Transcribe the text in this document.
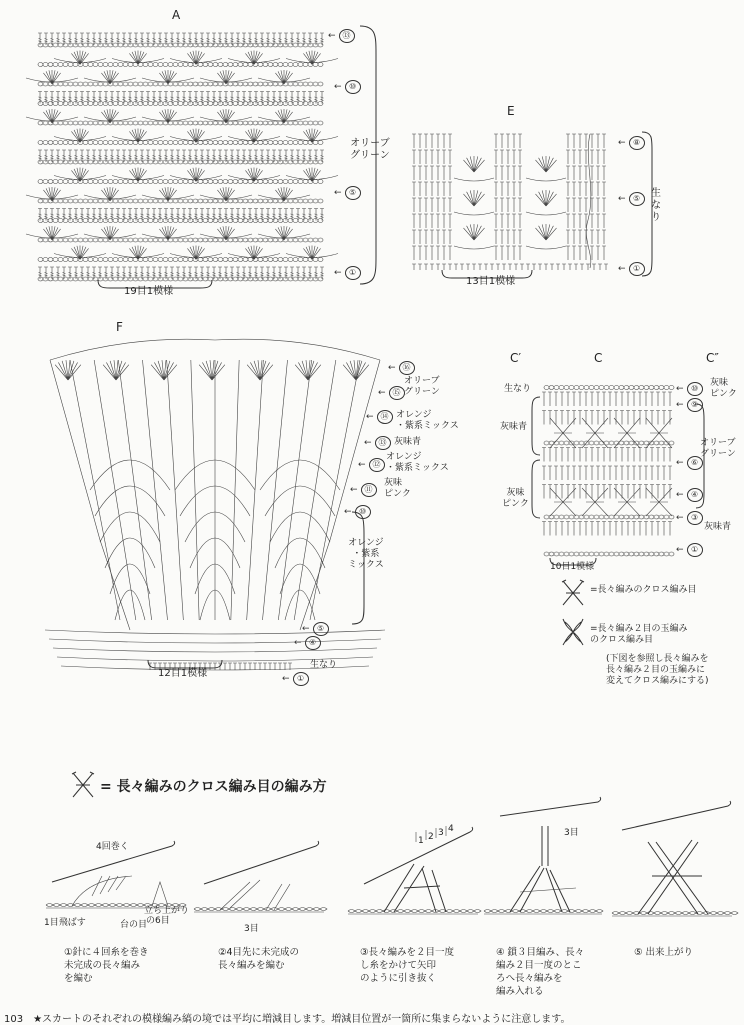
A
← ⑬
← ⑩
← ⑤
← ①
オリーブ
グリーン
19目1模様
E
← ⑧
← ⑤
← ①
生
な
り
13目1模様
F
← ⑯
オリーブ
グリーン
← ⑮
← ⑭ オレンジ
・紫系ミックス
← ⑬ 灰味青
← ⑫
オレンジ
・紫系ミックス
← ⑪
灰味
ピンク
← ⑩
オレンジ
・紫系
ミックス
← ⑤
← ④
生なり
← ①
12目1模様
C′	C	C″
生なり
灰味青
灰味
ピンク
← ⑩
灰味
ピンク
← ⑨
オリーブ
グリーン
← ⑥
← ④
← ③
灰味青
← ①
10目1模様
=長々編みのクロス編み目
=長々編み２目の玉編み
のクロス編み目
(下図を参照し長々編みを
長々編み２目の玉編みに
変えてクロス編みにする)
= 長々編みのクロス編み目の編み方
4回巻く
1目飛ばす
立ち上がり
台の目
の6目
3目
1 2 3 4	3目
①針に４回糸を巻き
未完成の長々編み
を編む
②4目先に未完成の
長々編みを編む
③長々編みを２目一度
し糸をかけて矢印
のように引き抜く
④ 鎖３目編み、長々
編み２目一度のとこ
ろへ長々編みを
編み入れる
⑤ 出来上がり
103 ★スカートのそれぞれの模様編み縞の境では平均に増減目します。増減目位置が一箇所に集まらないように注意します。
